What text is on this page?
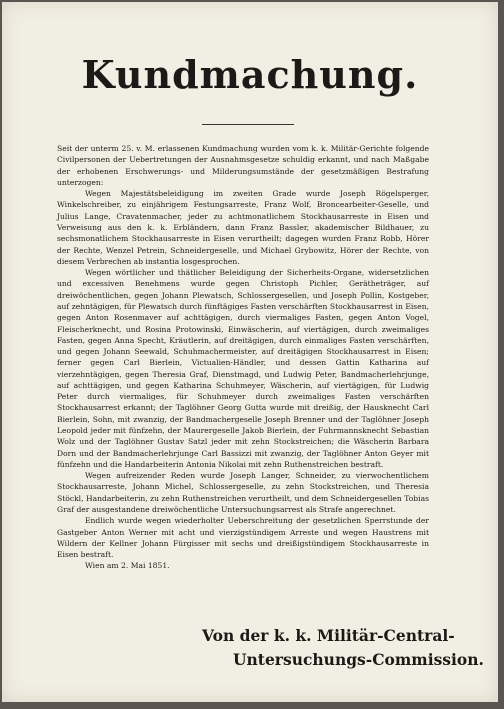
Kundmachung.

Seit der unterm 25. v. M. erlassenen Kundmachung wurden vom k. k. Militär-Gerichte folgende Civilpersonen der Uebertretungen der Ausnahmsgesetze schuldig erkannt, und nach Maßgabe der erhobenen Erschwerungs- und Milderungsumstände der gesetzmäßigen Bestrafung unterzogen:

Wegen Majestätsbeleidigung im zweiten Grade wurde Joseph Rögelsperger, Winkelschreiber, zu einjährigem Festungsarreste, Franz Wolf, Broncearbeiter-Geselle, und Julius Lange, Cravatenmacher, jeder zu achtmonatlichem Stockhausarreste in Eisen und Verweisung aus den k. k. Erbländern, dann Franz Bassler, akademischer Bildhauer, zu sechsmonatlichem Stockhausarreste in Eisen verurtheilt; dagegen wurden Franz Robb, Hörer der Rechte, Wenzel Petrein, Schneidergeselle, und Michael Grybowitz, Hörer der Rechte, von diesem Verbrechen ab instantia losgesprochen.

Wegen wörtlicher und thätlicher Beleidigung der Sicherheits-Organe, widersetzlichen und excessiven Benehmens wurde gegen Christoph Pichler, Gerätheträger, auf dreiwöchentlichen, gegen Johann Plewatsch, Schlossergesellen, und Joseph Pollin, Kostgeber, auf zehntägigen, für Plewatsch durch fünftägiges Fasten verschärften Stockhausarrest in Eisen, gegen Anton Rosenmaver auf achttägigen, durch viermaliges Fasten, gegen Anton Vogel, Fleischerknecht, und Rosina Protowinski, Einwäscherin, auf viertägigen, durch zweimaliges Fasten, gegen Anna Specht, Kräutlerin, auf dreitägigen, durch einmaliges Fasten verschärften, und gegen Johann Seewald, Schuhmachermeister, auf dreitägigen Stockhausarrest in Eisen; ferner gegen Carl Bierlein, Victualien-Händler, und dessen Gattin Katharina auf vierzehntägigen, gegen Theresia Graf, Dienstmagd, und Ludwig Peter, Bandmacherlehrjunge, auf achttägigen, und gegen Katharina Schuhmeyer, Wäscherin, auf viertägigen, für Ludwig Peter durch viermaliges, für Schuhmeyer durch zweimaliges Fasten verschärften Stockhausarrest erkannt; der Taglöhner Georg Gutta wurde mit dreißig, der Hausknecht Carl Bierlein, Sohn, mit zwanzig, der Bandmachergeselle Joseph Brenner und der Taglöhner Joseph Leopold jeder mit fünfzehn, der Maurergeselle Jakob Bierlein, der Fuhrmannsknecht Sebastian Wolz und der Taglöhner Gustav Satzl jeder mit zehn Stockstreichen; die Wäscherin Barbara Dorn und der Bandmacherlehrjunge Carl Bassizzi mit zwanzig, der Taglöhner Anton Geyer mit fünfzehn und die Handarbeiterin Antonia Nikolai mit zehn Ruthenstreichen bestraft.

Wegen aufreizender Reden wurde Joseph Langer, Schneider, zu vierwochentlichem Stockhausarreste, Johann Michel, Schlossergeselle, zu zehn Stockstreichen, und Theresia Stöckl, Handarbeiterin, zu zehn Ruthenstreichen verurtheilt, und dem Schneidergesellen Tobias Graf der ausgestandene dreiwöchentliche Untersuchungsarrest als Strafe angerechnet.

Endlich wurde wegen wiederholter Ueberschreitung der gesetzlichen Sperrstunde der Gastgeber Anton Werner mit acht und vierzigstündigem Arreste und wegen Haustrens mit Wildern der Kellner Johann Fürgisser mit sechs und dreißigstündigem Stockhausarreste in Eisen bestraft.

Wien am 2. Mai 1851.

Von der k. k. Militär-Central-
Untersuchungs-Commission.
